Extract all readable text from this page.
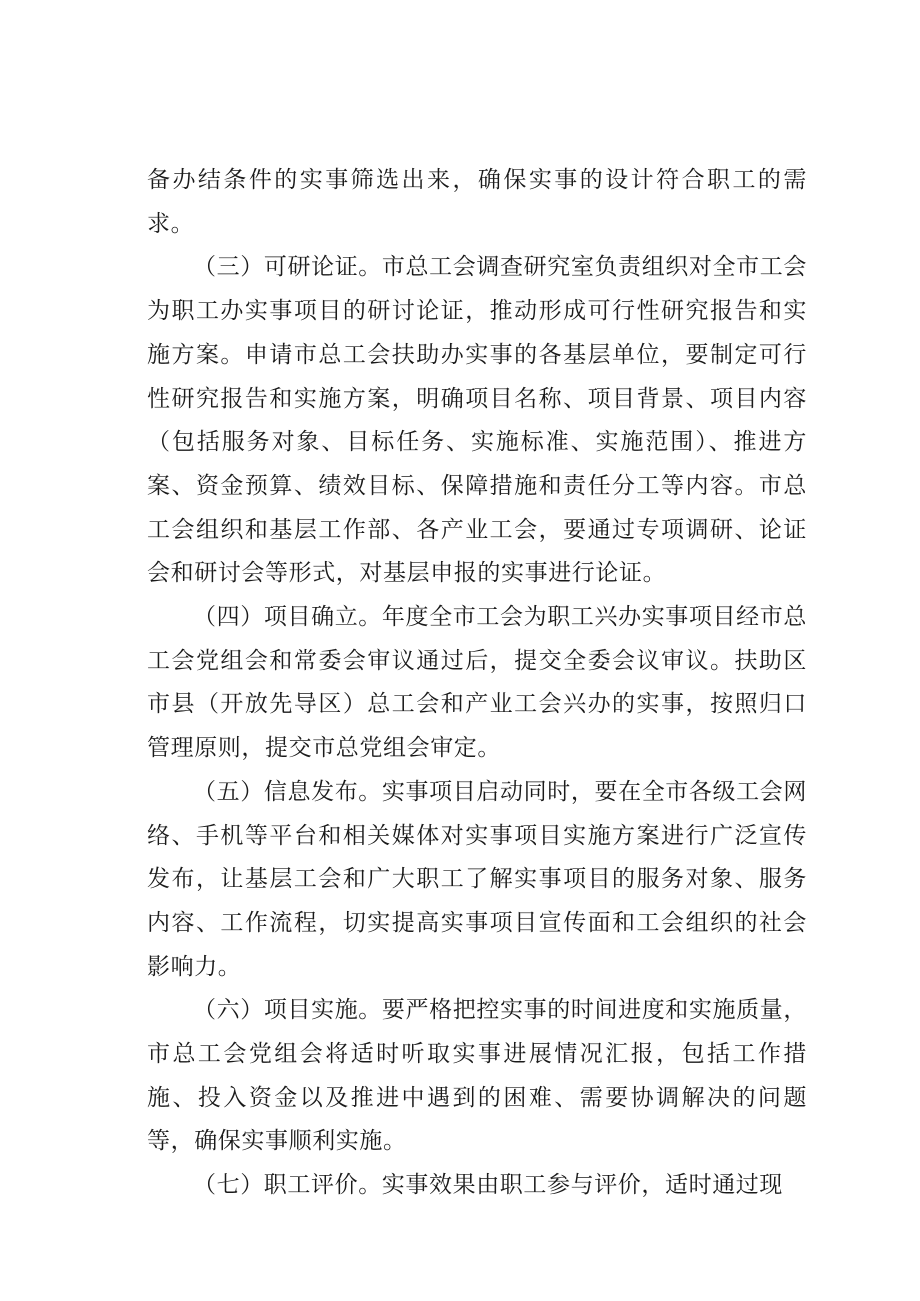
备办结条件的实事筛选出来，确保实事的设计符合职工的需求。

（三）可研论证。市总工会调查研究室负责组织对全市工会为职工办实事项目的研讨论证，推动形成可行性研究报告和实施方案。申请市总工会扶助办实事的各基层单位，要制定可行性研究报告和实施方案，明确项目名称、项目背景、项目内容（包括服务对象、目标任务、实施标准、实施范围）、推进方案、资金预算、绩效目标、保障措施和责任分工等内容。市总工会组织和基层工作部、各产业工会，要通过专项调研、论证会和研讨会等形式，对基层申报的实事进行论证。

（四）项目确立。年度全市工会为职工兴办实事项目经市总工会党组会和常委会审议通过后，提交全委会议审议。扶助区市县（开放先导区）总工会和产业工会兴办的实事，按照归口管理原则，提交市总党组会审定。

（五）信息发布。实事项目启动同时，要在全市各级工会网络、手机等平台和相关媒体对实事项目实施方案进行广泛宣传发布，让基层工会和广大职工了解实事项目的服务对象、服务内容、工作流程，切实提高实事项目宣传面和工会组织的社会影响力。

（六）项目实施。要严格把控实事的时间进度和实施质量，市总工会党组会将适时听取实事进展情况汇报，包括工作措施、投入资金以及推进中遇到的困难、需要协调解决的问题等，确保实事顺利实施。

（七）职工评价。实事效果由职工参与评价，适时通过现
